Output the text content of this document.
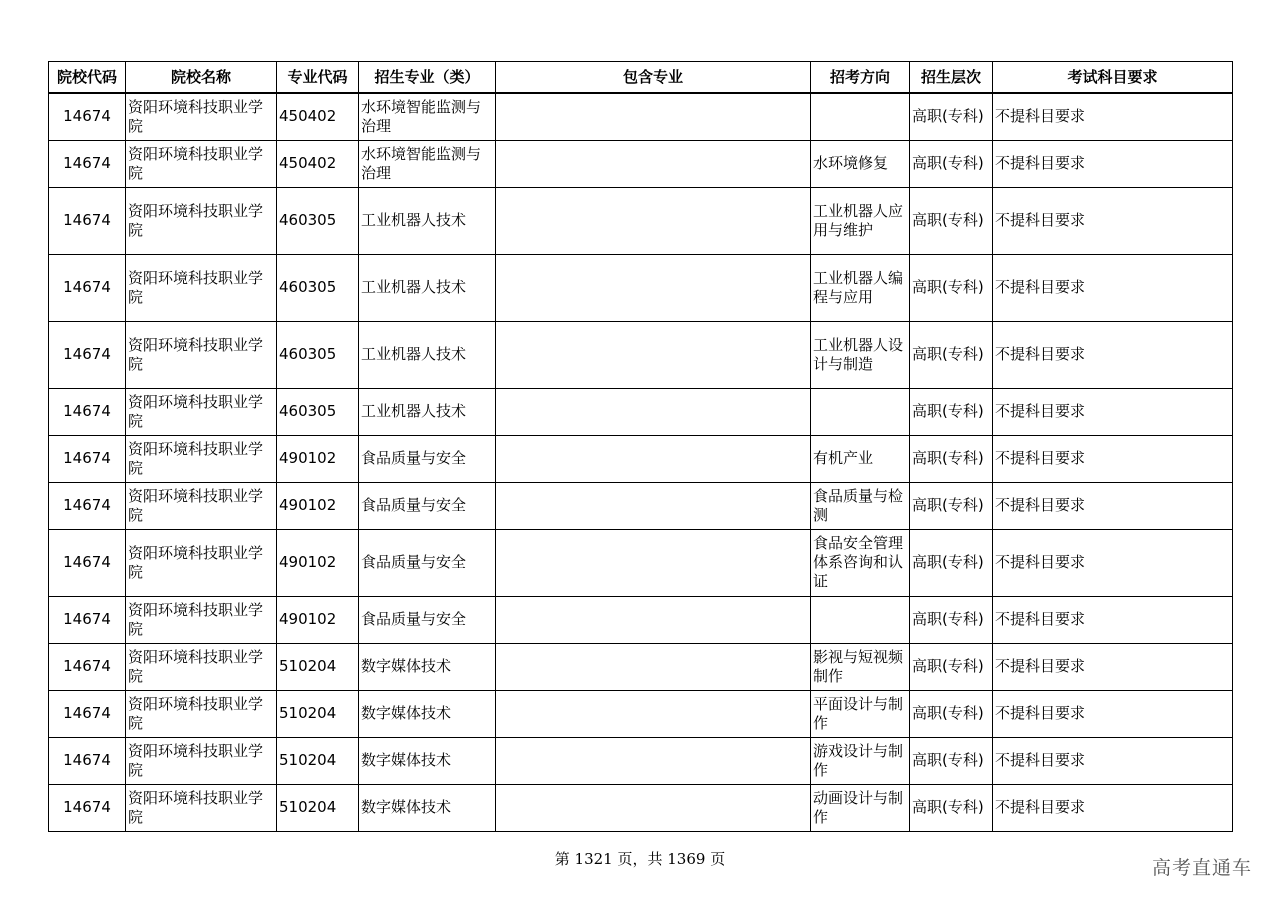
院校代码	院校名称	专业代码	招生专业（类）	包含专业	招考方向	招生层次	考试科目要求
14674	资阳环境科技职业学院	450402	水环境智能监测与治理			高职(专科)	不提科目要求
14674	资阳环境科技职业学院	450402	水环境智能监测与治理		水环境修复	高职(专科)	不提科目要求
14674	资阳环境科技职业学院	460305	工业机器人技术		工业机器人应用与维护	高职(专科)	不提科目要求
14674	资阳环境科技职业学院	460305	工业机器人技术		工业机器人编程与应用	高职(专科)	不提科目要求
14674	资阳环境科技职业学院	460305	工业机器人技术		工业机器人设计与制造	高职(专科)	不提科目要求
14674	资阳环境科技职业学院	460305	工业机器人技术			高职(专科)	不提科目要求
14674	资阳环境科技职业学院	490102	食品质量与安全		有机产业	高职(专科)	不提科目要求
14674	资阳环境科技职业学院	490102	食品质量与安全		食品质量与检测	高职(专科)	不提科目要求
14674	资阳环境科技职业学院	490102	食品质量与安全		食品安全管理体系咨询和认证	高职(专科)	不提科目要求
14674	资阳环境科技职业学院	490102	食品质量与安全			高职(专科)	不提科目要求
14674	资阳环境科技职业学院	510204	数字媒体技术		影视与短视频制作	高职(专科)	不提科目要求
14674	资阳环境科技职业学院	510204	数字媒体技术		平面设计与制作	高职(专科)	不提科目要求
14674	资阳环境科技职业学院	510204	数字媒体技术		游戏设计与制作	高职(专科)	不提科目要求
14674	资阳环境科技职业学院	510204	数字媒体技术		动画设计与制作	高职(专科)	不提科目要求
第 1321 页，共 1369 页	高考直通车
